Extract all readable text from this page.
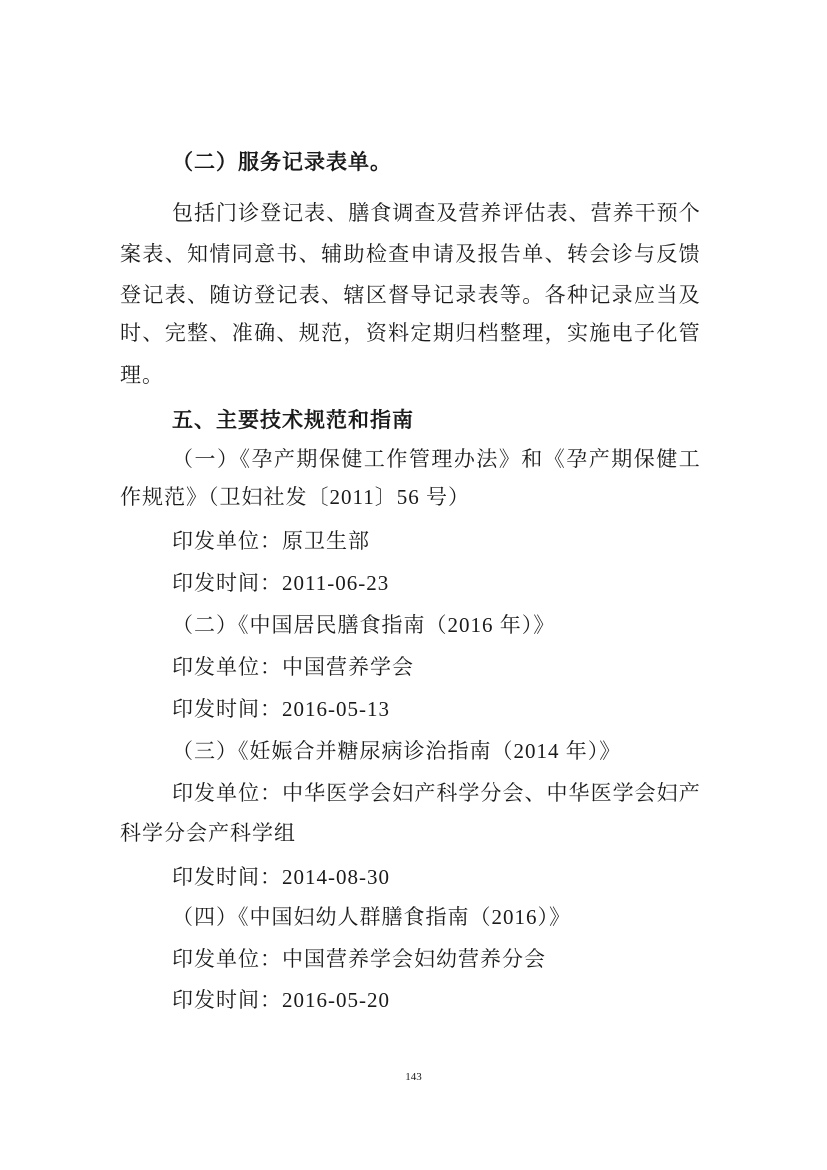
（二）服务记录表单。
包括门诊登记表、膳食调查及营养评估表、营养干预个
案表、知情同意书、辅助检查申请及报告单、转会诊与反馈
登记表、随访登记表、辖区督导记录表等。各种记录应当及
时、完整、准确、规范，资料定期归档整理，实施电子化管
理。
五、主要技术规范和指南
（一）《孕产期保健工作管理办法》和《孕产期保健工
作规范》（卫妇社发〔2011〕56 号）
印发单位：原卫生部
印发时间：2011-06-23
（二）《中国居民膳食指南（2016 年）》
印发单位：中国营养学会
印发时间：2016-05-13
（三）《妊娠合并糖尿病诊治指南（2014 年）》
印发单位：中华医学会妇产科学分会、中华医学会妇产
科学分会产科学组
印发时间：2014-08-30
（四）《中国妇幼人群膳食指南（2016）》
印发单位：中国营养学会妇幼营养分会
印发时间：2016-05-20
143
